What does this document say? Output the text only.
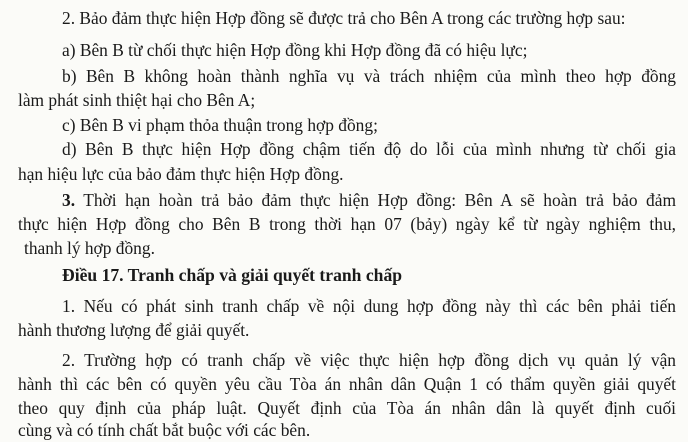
2. Bảo đảm thực hiện Hợp đồng sẽ được trả cho Bên A trong các trường hợp sau:

a) Bên B từ chối thực hiện Hợp đồng khi Hợp đồng đã có hiệu lực;

b) Bên B không hoàn thành nghĩa vụ và trách nhiệm của mình theo hợp đồng

làm phát sinh thiệt hại cho Bên A;

c) Bên B vi phạm thỏa thuận trong hợp đồng;

d) Bên B thực hiện Hợp đồng chậm tiến độ do lỗi của mình nhưng từ chối gia

hạn hiệu lực của bảo đảm thực hiện Hợp đồng.

3. Thời hạn hoàn trả bảo đảm thực hiện Hợp đồng: Bên A sẽ hoàn trả bảo đảm

thực hiện Hợp đồng cho Bên B trong thời hạn 07 (bảy) ngày kể từ ngày nghiệm thu,

thanh lý hợp đồng.

Điều 17. Tranh chấp và giải quyết tranh chấp

1. Nếu có phát sinh tranh chấp về nội dung hợp đồng này thì các bên phải tiến

hành thương lượng để giải quyết.

2. Trường hợp có tranh chấp về việc thực hiện hợp đồng dịch vụ quản lý vận

hành thì các bên có quyền yêu cầu Tòa án nhân dân Quận 1 có thẩm quyền giải quyết

theo quy định của pháp luật. Quyết định của Tòa án nhân dân là quyết định cuối

cùng và có tính chất bắt buộc với các bên.
